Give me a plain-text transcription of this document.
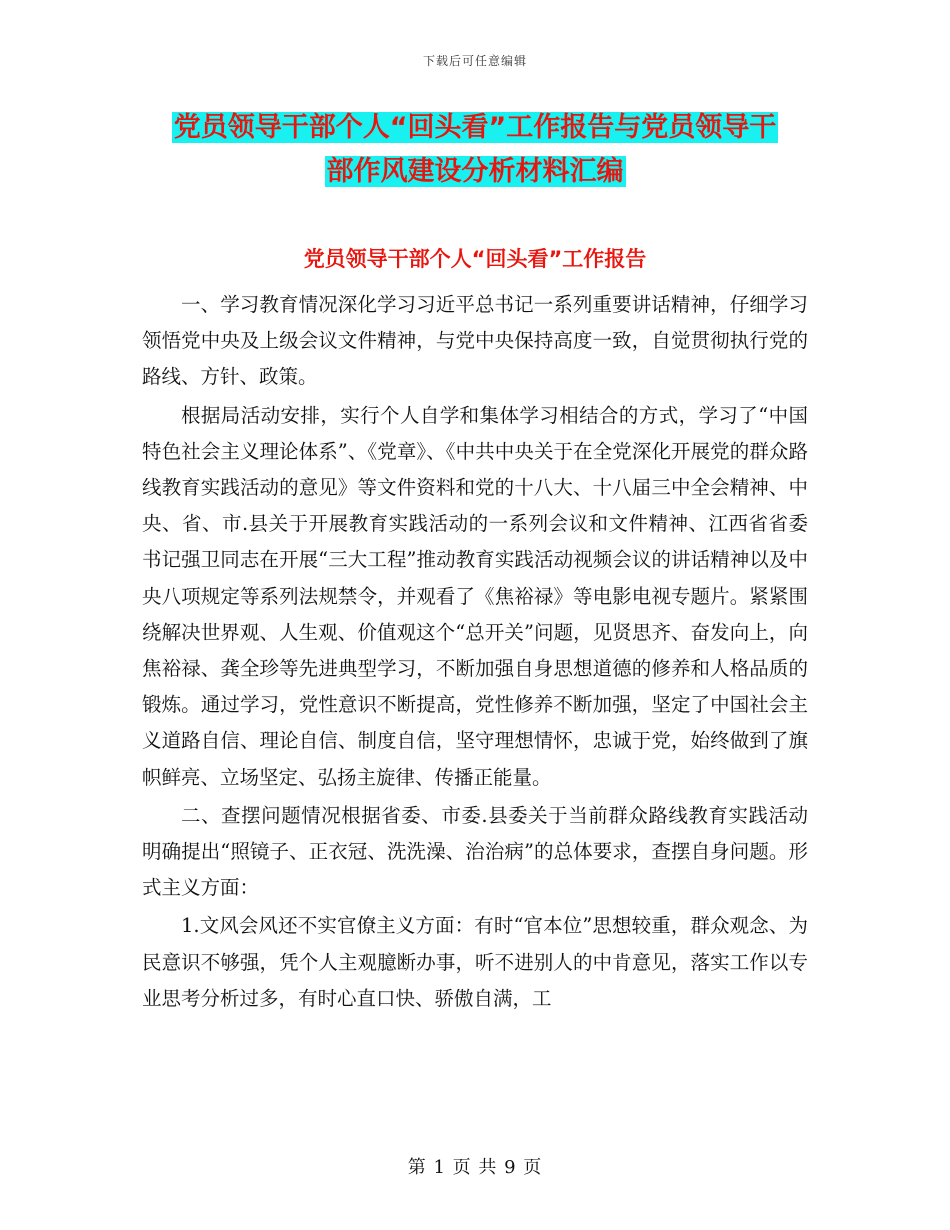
下载后可任意编辑
党员领导干部个人“回头看”工作报告与党员领导干
部作风建设分析材料汇编
党员领导干部个人“回头看”工作报告

一、学习教育情况深化学习习近平总书记一系列重要讲话精神，仔细学习领悟党中央及上级会议文件精神，与党中央保持高度一致，自觉贯彻执行党的路线、方针、政策。

根据局活动安排，实行个人自学和集体学习相结合的方式，学习了“中国特色社会主义理论体系”、《党章》、《中共中央关于在全党深化开展党的群众路线教育实践活动的意见》等文件资料和党的十八大、十八届三中全会精神、中央、省、市.县关于开展教育实践活动的一系列会议和文件精神、江西省省委书记强卫同志在开展“三大工程”推动教育实践活动视频会议的讲话精神以及中央八项规定等系列法规禁令，并观看了《焦裕禄》等电影电视专题片。紧紧围绕解决世界观、人生观、价值观这个“总开关”问题，见贤思齐、奋发向上，向焦裕禄、龚全珍等先进典型学习，不断加强自身思想道德的修养和人格品质的锻炼。通过学习，党性意识不断提高，党性修养不断加强，坚定了中国社会主义道路自信、理论自信、制度自信，坚守理想情怀，忠诚于党，始终做到了旗帜鲜亮、立场坚定、弘扬主旋律、传播正能量。

二、查摆问题情况根据省委、市委.县委关于当前群众路线教育实践活动明确提出“照镜子、正衣冠、洗洗澡、治治病”的总体要求，查摆自身问题。形式主义方面：

1.文风会风还不实官僚主义方面：有时“官本位”思想较重，群众观念、为民意识不够强，凭个人主观臆断办事，听不进别人的中肯意见，落实工作以专业思考分析过多，有时心直口快、骄傲自满，工

第 1 页 共 9 页
